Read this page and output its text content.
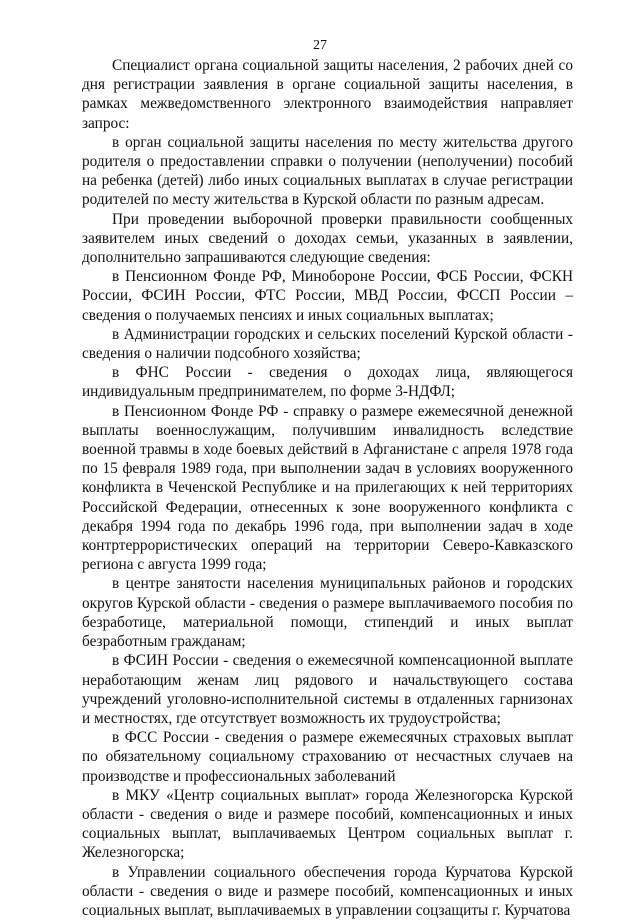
27

Специалист органа социальной защиты населения, 2 рабочих дней со дня регистрации заявления в органе социальной защиты населения, в рамках межведомственного электронного взаимодействия направляет запрос:

в орган социальной защиты населения по месту жительства другого родителя о предоставлении справки о получении (неполучении) пособий на ребенка (детей) либо иных социальных выплатах в случае регистрации родителей по месту жительства в Курской области по разным адресам.

При проведении выборочной проверки правильности сообщенных заявителем иных сведений о доходах семьи, указанных в заявлении, дополнительно запрашиваются следующие сведения:

в Пенсионном Фонде РФ, Минобороне России, ФСБ России, ФСКН России, ФСИН России, ФТС России, МВД России, ФССП России – сведения о получаемых пенсиях и иных социальных выплатах;

в Администрации городских и сельских поселений Курской области - сведения о наличии подсобного хозяйства;

в ФНС России - сведения о доходах лица, являющегося индивидуальным предпринимателем, по форме 3-НДФЛ;

в Пенсионном Фонде РФ - справку о размере ежемесячной денежной выплаты военнослужащим, получившим инвалидность вследствие военной травмы в ходе боевых действий в Афганистане с апреля 1978 года по 15 февраля 1989 года, при выполнении задач в условиях вооруженного конфликта в Чеченской Республике и на прилегающих к ней территориях Российской Федерации, отнесенных к зоне вооруженного конфликта с декабря 1994 года по декабрь 1996 года, при выполнении задач в ходе контртеррористических операций на территории Северо-Кавказского региона с августа 1999 года;

в центре занятости населения муниципальных районов и городских округов Курской области - сведения о размере выплачиваемого пособия по безработице, материальной помощи, стипендий и иных выплат безработным гражданам;

в ФСИН России - сведения о ежемесячной компенсационной выплате неработающим женам лиц рядового и начальствующего состава учреждений уголовно-исполнительной системы в отдаленных гарнизонах и местностях, где отсутствует возможность их трудоустройства;

в ФСС России - сведения о размере ежемесячных страховых выплат по обязательному социальному страхованию от несчастных случаев на производстве и профессиональных заболеваний

в МКУ «Центр социальных выплат» города Железногорска Курской области - сведения о виде и размере пособий, компенсационных и иных социальных выплат, выплачиваемых Центром социальных выплат г. Железногорска;

в Управлении социального обеспечения города Курчатова Курской области - сведения о виде и размере пособий, компенсационных и иных социальных выплат, выплачиваемых в управлении соцзащиты г. Курчатова
